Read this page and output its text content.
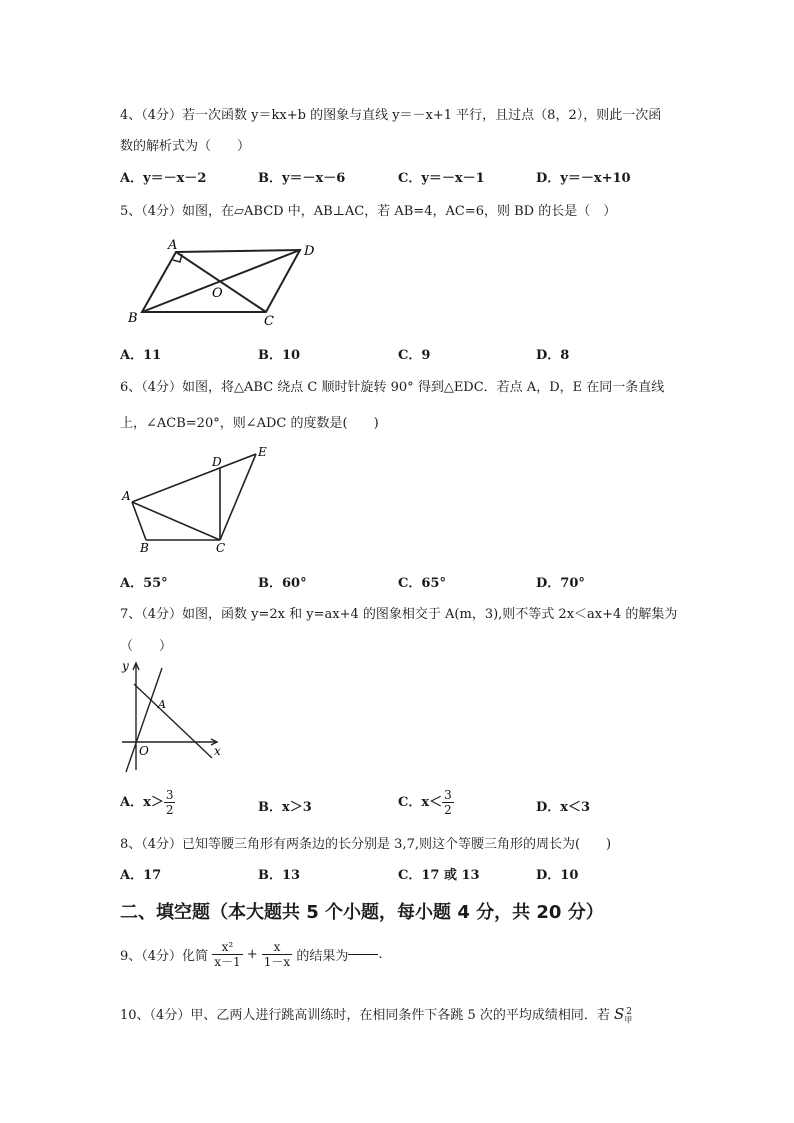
4、（4分）若一次函数 y＝kx+b 的图象与直线 y＝－x+1 平行，且过点（8，2），则此一次函
数的解析式为（　　）
A．y＝－x－2	B．y＝－x－6	C．y＝－x－1	D．y＝－x+10
5、（4分）如图，在▱ABCD 中，AB⊥AC，若 AB=4，AC=6，则 BD 的长是（　）
A	D
B	C
O
A．11	B．10	C．9	D．8
6、（4分）如图，将△ABC 绕点 C 顺时针旋转 90° 得到△EDC．若点 A，D，E 在同一条直线
上，∠ACB=20°，则∠ADC 的度数是(　　)
A
B	C
D
E
A．55°	B．60°	C．65°	D．70°
7、（4分）如图，函数 y=2x 和 y=ax+4 的图象相交于 A(m，3),则不等式 2x＜ax+4 的解集为
（　　）
y
x
O
A
A．$x> \frac{3}{2}$	B．x＞3	C．$x< \frac{3}{2}$	D．x＜3
8、（4分）已知等腰三角形有两条边的长分别是 3,7,则这个等腰三角形的周长为(　　)
A．17	B．13	C．17 或 13	D．10
二、填空题（本大题共 5 个小题，每小题 4 分，共 20 分）
9、（4分）化简 $\frac{\text{x²}}{x-1} + \frac{x}{1-x}$ 的结果为 .
10、（4分）甲、乙两人进行跳高训练时，在相同条件下各跳 5 次的平均成绩相同．若 $S_甲^2$
